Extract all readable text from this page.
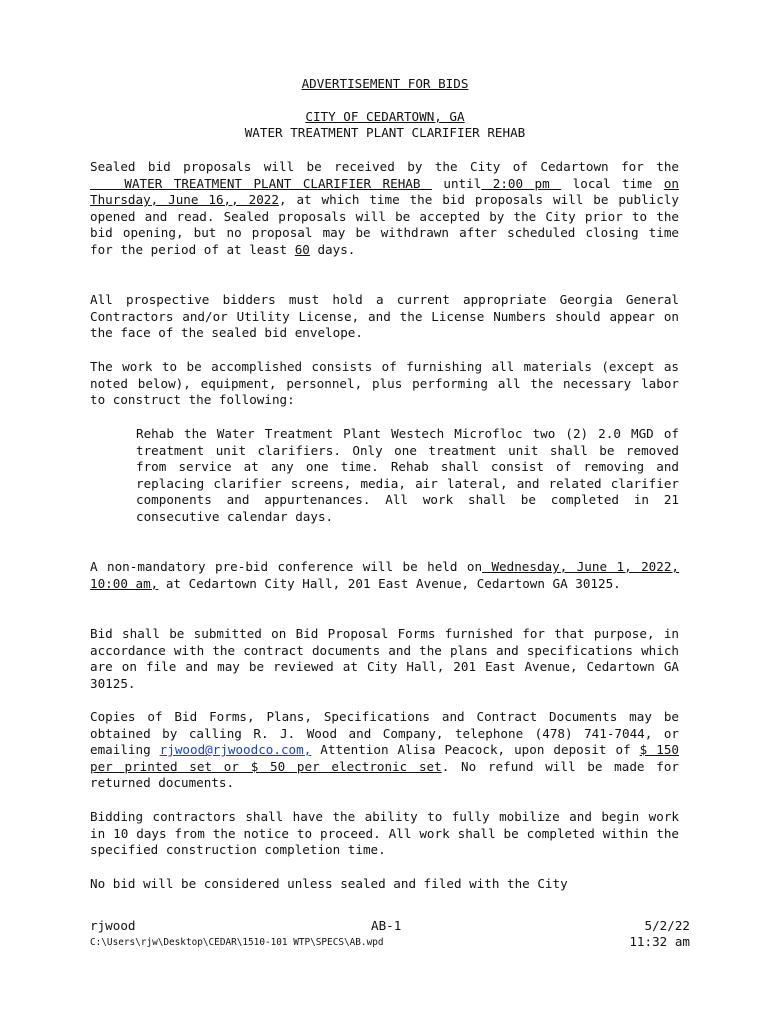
ADVERTISEMENT FOR BIDS
CITY OF CEDARTOWN, GA
WATER TREATMENT PLANT CLARIFIER REHAB
Sealed bid proposals will be received by the City of Cedartown for the   WATER TREATMENT PLANT CLARIFIER REHAB  until 2:00 pm  local time on Thursday, June 16,, 2022, at which time the bid proposals will be publicly opened and read. Sealed proposals will be accepted by the City prior to the bid opening, but no proposal may be withdrawn after scheduled closing time for the period of at least 60 days.
All prospective bidders must hold a current appropriate Georgia General Contractors and/or Utility License, and the License Numbers should appear on the face of the sealed bid envelope.
The work to be accomplished consists of furnishing all materials (except as noted below), equipment, personnel, plus performing all the necessary labor to construct the following:
Rehab the Water Treatment Plant Westech Microfloc two (2) 2.0 MGD of treatment unit clarifiers. Only one treatment unit shall be removed from service at any one time. Rehab shall consist of removing and replacing clarifier screens, media, air lateral, and related clarifier components and appurtenances. All work shall be completed in 21 consecutive calendar days.
A non-mandatory pre-bid conference will be held on Wednesday, June 1, 2022, 10:00 am, at Cedartown City Hall, 201 East Avenue, Cedartown GA 30125.
Bid shall be submitted on Bid Proposal Forms furnished for that purpose, in accordance with the contract documents and the plans and specifications which are on file and may be reviewed at City Hall, 201 East Avenue, Cedartown GA 30125.
Copies of Bid Forms, Plans, Specifications and Contract Documents may be obtained by calling R. J. Wood and Company, telephone (478) 741-7044, or emailing rjwood@rjwoodco.com, Attention Alisa Peacock, upon deposit of $ 150 per printed set or $ 50 per electronic set. No refund will be made for returned documents.
Bidding contractors shall have the ability to fully mobilize and begin work in 10 days from the notice to proceed. All work shall be completed within the specified construction completion time.
No bid will be considered unless sealed and filed with the City
rjwood	AB-1	5/2/22
C:\Users\rjw\Desktop\CEDAR\1510-101 WTP\SPECS\AB.wpd	11:32 am
